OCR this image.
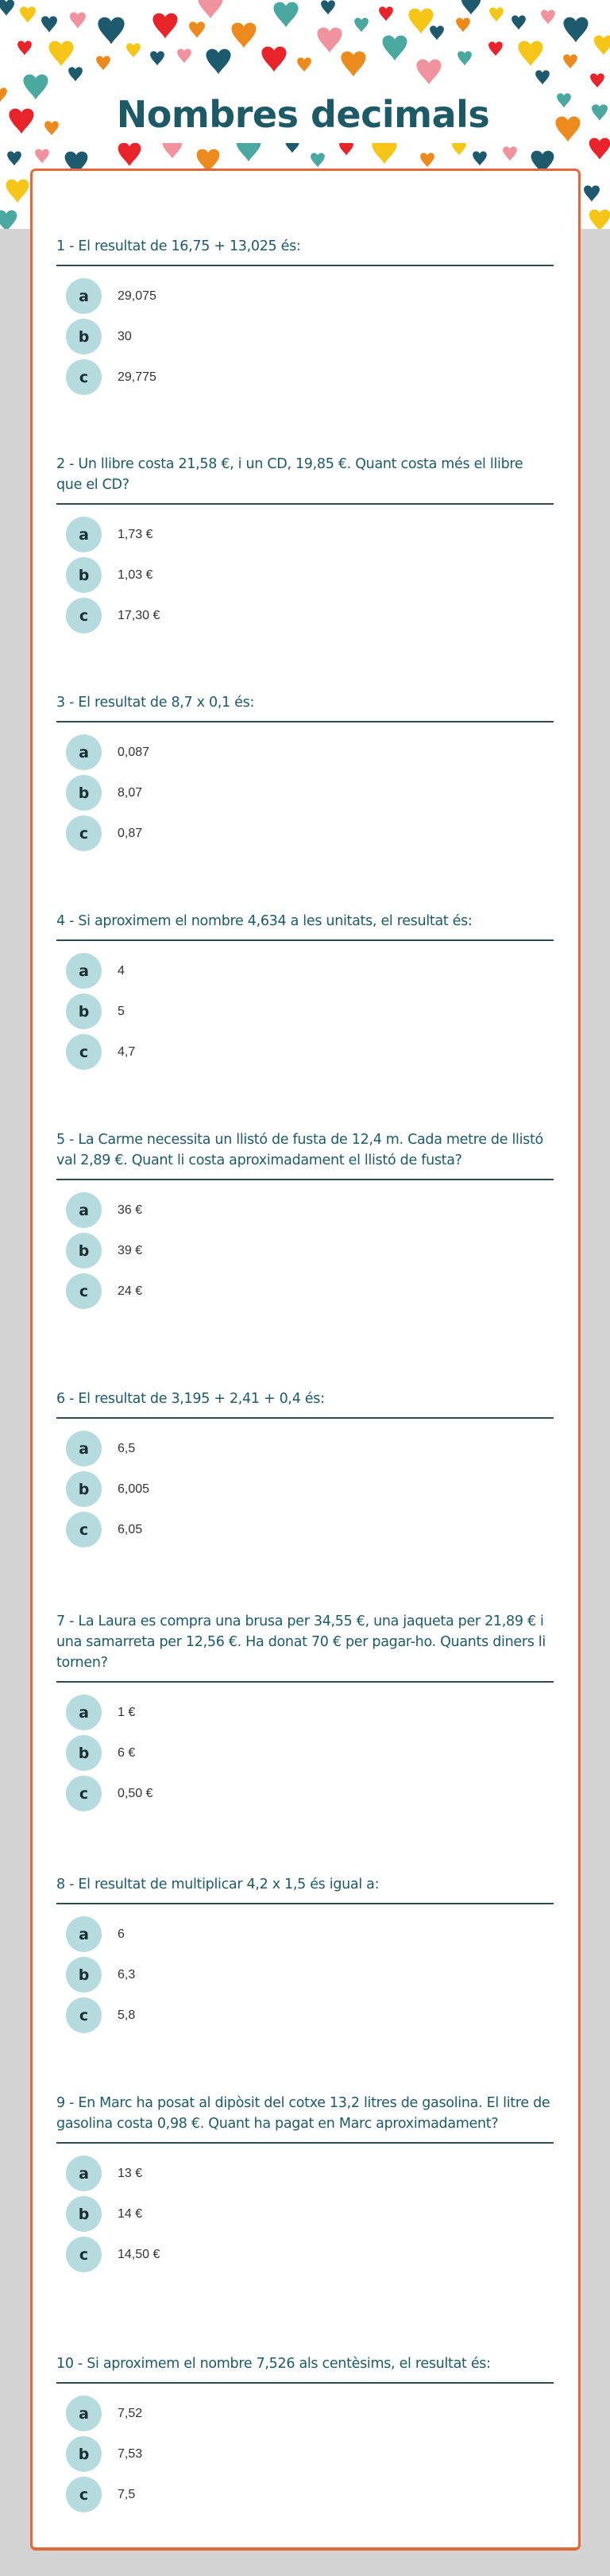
Nombres decimals
1 - El resultat de 16,75 + 13,025 és:
a	29,075
b	30
c	29,775
2 - Un llibre costa 21,58 €, i un CD, 19,85 €. Quant costa més el llibre que el CD?
a	1,73 €
b	1,03 €
c	17,30 €
3 - El resultat de 8,7 x 0,1 és:
a	0,087
b	8,07
c	0,87
4 - Si aproximem el nombre 4,634 a les unitats, el resultat és:
a	4
b	5
c	4,7
5 - La Carme necessita un llistó de fusta de 12,4 m. Cada metre de llistó val 2,89 €. Quant li costa aproximadament el llistó de fusta?
a	36 €
b	39 €
c	24 €
6 - El resultat de 3,195 + 2,41 + 0,4 és:
a	6,5
b	6,005
c	6,05
7 - La Laura es compra una brusa per 34,55 €, una jaqueta per 21,89 € i una samarreta per 12,56 €. Ha donat 70 € per pagar-ho. Quants diners li tornen?
a	1 €
b	6 €
c	0,50 €
8 - El resultat de multiplicar 4,2 x 1,5 és igual a:
a	6
b	6,3
c	5,8
9 - En Marc ha posat al dipòsit del cotxe 13,2 litres de gasolina. El litre de gasolina costa 0,98 €. Quant ha pagat en Marc aproximadament?
a	13 €
b	14 €
c	14,50 €
10 - Si aproximem el nombre 7,526 als centèsims, el resultat és:
a	7,52
b	7,53
c	7,5
